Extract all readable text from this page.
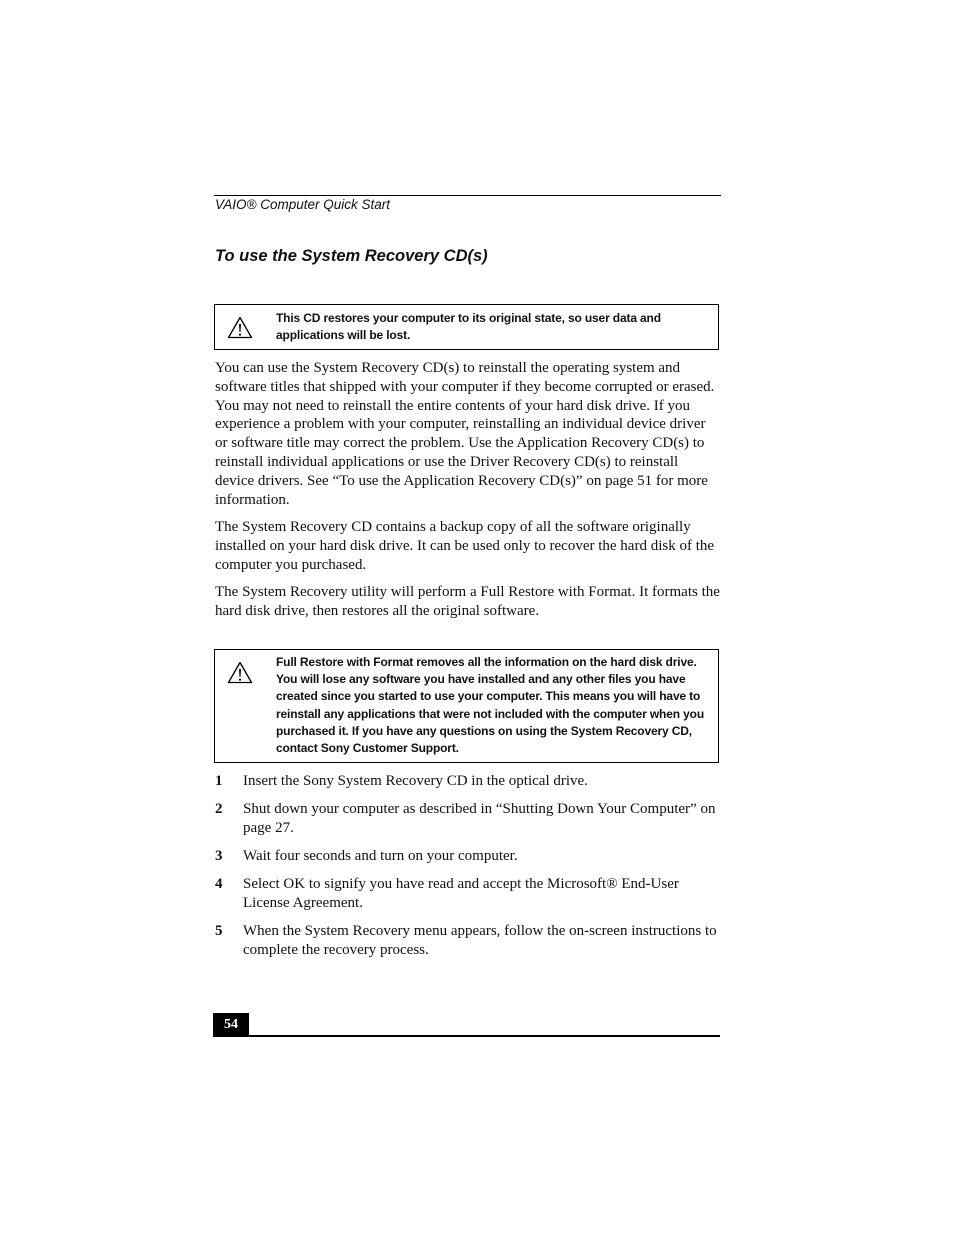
VAIO® Computer Quick Start
To use the System Recovery CD(s)
This CD restores your computer to its original state, so user data and
applications will be lost.

You can use the System Recovery CD(s) to reinstall the operating system and software titles that shipped with your computer if they become corrupted or erased. You may not need to reinstall the entire contents of your hard disk drive. If you experience a problem with your computer, reinstalling an individual device driver or software title may correct the problem. Use the Application Recovery CD(s) to reinstall individual applications or use the Driver Recovery CD(s) to reinstall device drivers. See “To use the Application Recovery CD(s)” on page 51 for more information.

The System Recovery CD contains a backup copy of all the software originally installed on your hard disk drive. It can be used only to recover the hard disk of the computer you purchased.

The System Recovery utility will perform a Full Restore with Format. It formats the hard disk drive, then restores all the original software.

Full Restore with Format removes all the information on the hard disk drive.
You will lose any software you have installed and any other files you have
created since you started to use your computer. This means you will have to
reinstall any applications that were not included with the computer when you
purchased it. If you have any questions on using the System Recovery CD,
contact Sony Customer Support.
1	Insert the Sony System Recovery CD in the optical drive.
2	Shut down your computer as described in “Shutting Down Your Computer” on page 27.
3	Wait four seconds and turn on your computer.
4	Select OK to signify you have read and accept the Microsoft® End-User License Agreement.
5	When the System Recovery menu appears, follow the on-screen instructions to complete the recovery process.
54
